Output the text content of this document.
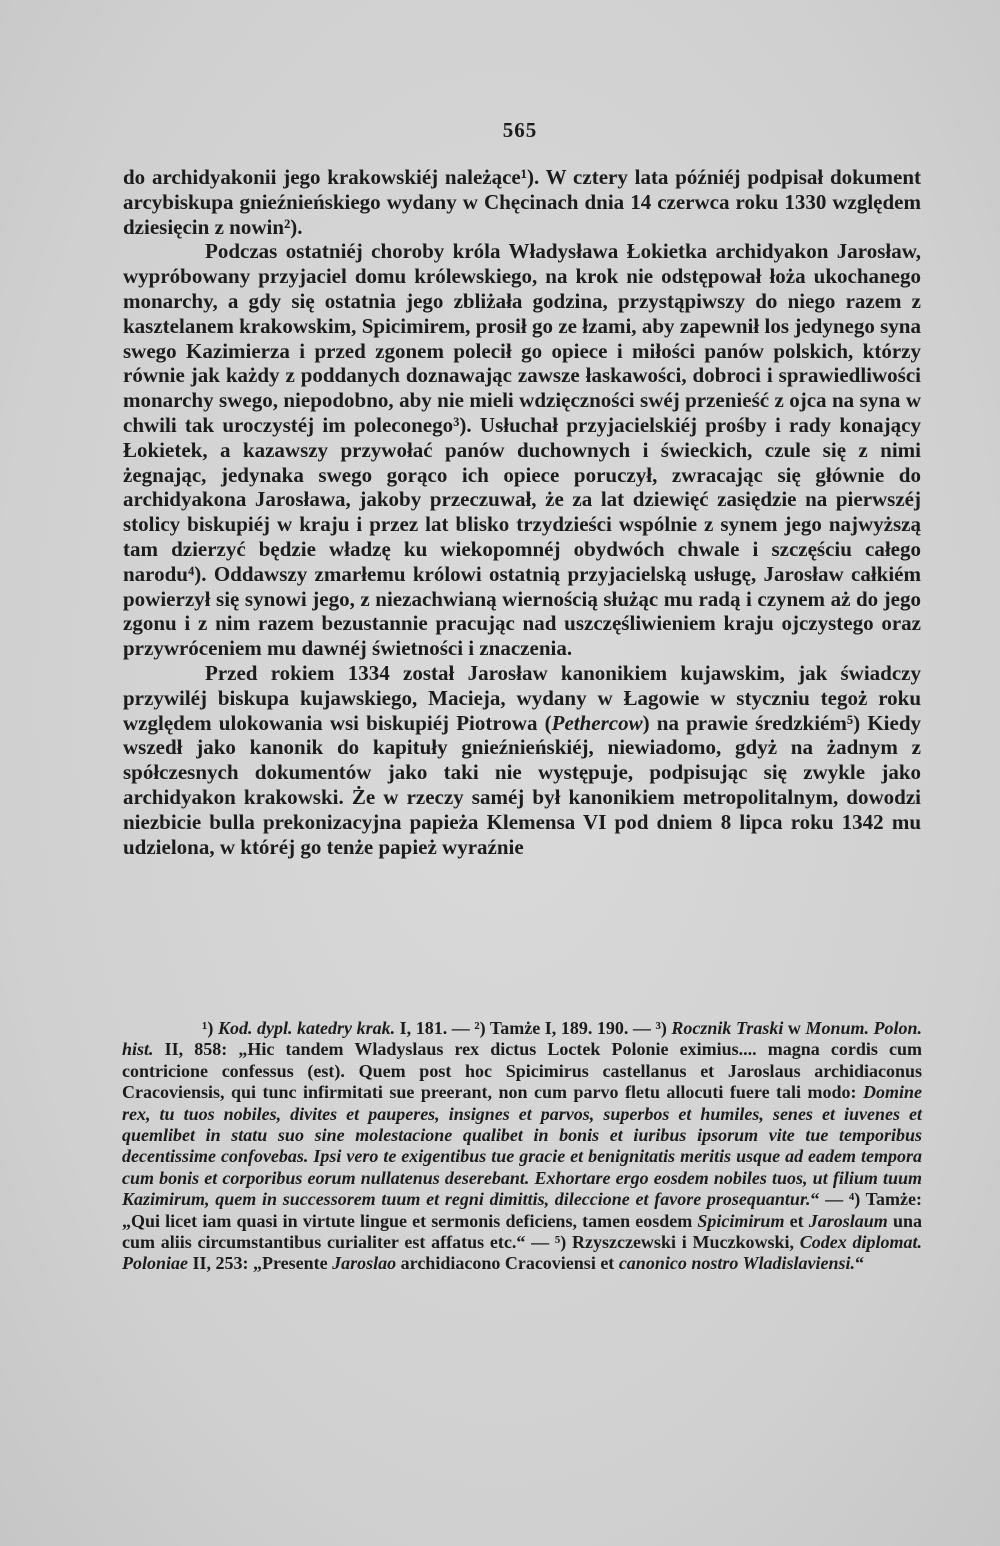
565

do archidyakonii jego krakowskiéj należące¹). W cztery lata późniéj podpisał dokument arcybiskupa gnieźnieńskiego wydany w Chęcinach dnia 14 czerwca roku 1330 względem dziesięcin z nowin²).

Podczas ostatniéj choroby króla Władysława Łokietka archidyakon Jarosław, wypróbowany przyjaciel domu królewskiego, na krok nie odstępował łoża ukochanego monarchy, a gdy się ostatnia jego zbliżała godzina, przystąpiwszy do niego razem z kasztelanem krakowskim, Spicimirem, prosił go ze łzami, aby zapewnił los jedynego syna swego Kazimierza i przed zgonem polecił go opiece i miłości panów polskich, którzy równie jak każdy z poddanych doznawając zawsze łaskawości, dobroci i sprawiedliwości monarchy swego, niepodobno, aby nie mieli wdzięczności swéj przenieść z ojca na syna w chwili tak uroczystéj im poleconego³). Usłuchał przyjacielskiéj prośby i rady konający Łokietek, a kazawszy przywołać panów duchownych i świeckich, czule się z nimi żegnając, jedynaka swego gorąco ich opiece poruczył, zwracając się głównie do archidyakona Jarosława, jakoby przeczuwał, że za lat dziewięć zasiędzie na pierwszéj stolicy biskupiéj w kraju i przez lat blisko trzydzieści wspólnie z synem jego najwyższą tam dzierzyć będzie władzę ku wiekopomnéj obydwóch chwale i szczęściu całego narodu⁴). Oddawszy zmarłemu królowi ostatnią przyjacielską usługę, Jarosław całkiém powierzył się synowi jego, z niezachwianą wiernością służąc mu radą i czynem aż do jego zgonu i z nim razem bezustannie pracując nad uszczęśliwieniem kraju ojczystego oraz przywróceniem mu dawnéj świetności i znaczenia.

Przed rokiem 1334 został Jarosław kanonikiem kujawskim, jak świadczy przywiléj biskupa kujawskiego, Macieja, wydany w Łagowie w styczniu tegoż roku względem ulokowania wsi biskupiéj Piotrowa (Pethercow) na prawie średzkiém⁵) Kiedy wszedł jako kanonik do kapituły gnieźnieńskiéj, niewiadomo, gdyż na żadnym z spółczesnych dokumentów jako taki nie występuje, podpisując się zwykle jako archidyakon krakowski. Że w rzeczy saméj był kanonikiem metropolitalnym, dowodzi niezbicie bulla prekonizacyjna papieża Klemensa VI pod dniem 8 lipca roku 1342 mu udzielona, w któréj go tenże papież wyraźnie

¹) Kod. dypl. katedry krak. I, 181. — ²) Tamże I, 189. 190. — ³) Rocznik Traski w Monum. Polon. hist. II, 858: „Hic tandem Wladyslaus rex dictus Loctek Polonie eximius.... magna cordis cum contricione confessus (est). Quem post hoc Spicimirus castellanus et Jaroslaus archidiaconus Cracoviensis, qui tunc infirmitati sue preerant, non cum parvo fletu allocuti fuere tali modo: Domine rex, tu tuos nobiles, divites et pauperes, insignes et parvos, superbos et humiles, senes et iuvenes et quemlibet in statu suo sine molestacione qualibet in bonis et iuribus ipsorum vite tue temporibus decentissime confovebas. Ipsi vero te exigentibus tue gracie et benignitatis meritis usque ad eadem tempora cum bonis et corporibus eorum nullatenus deserebant. Exhortare ergo eosdem nobiles tuos, ut filium tuum Kazimirum, quem in successorem tuum et regni dimittis, dileccione et favore prosequantur.“ — ⁴) Tamże: „Qui licet iam quasi in virtute lingue et sermonis deficiens, tamen eosdem Spicimirum et Jaroslaum una cum aliis circumstantibus curialiter est affatus etc.“ — ⁵) Rzyszczewski i Muczkowski, Codex diplomat. Poloniae II, 253: „Presente Jaroslao archidiacono Cracoviensi et canonico nostro Wladislaviensi.“
